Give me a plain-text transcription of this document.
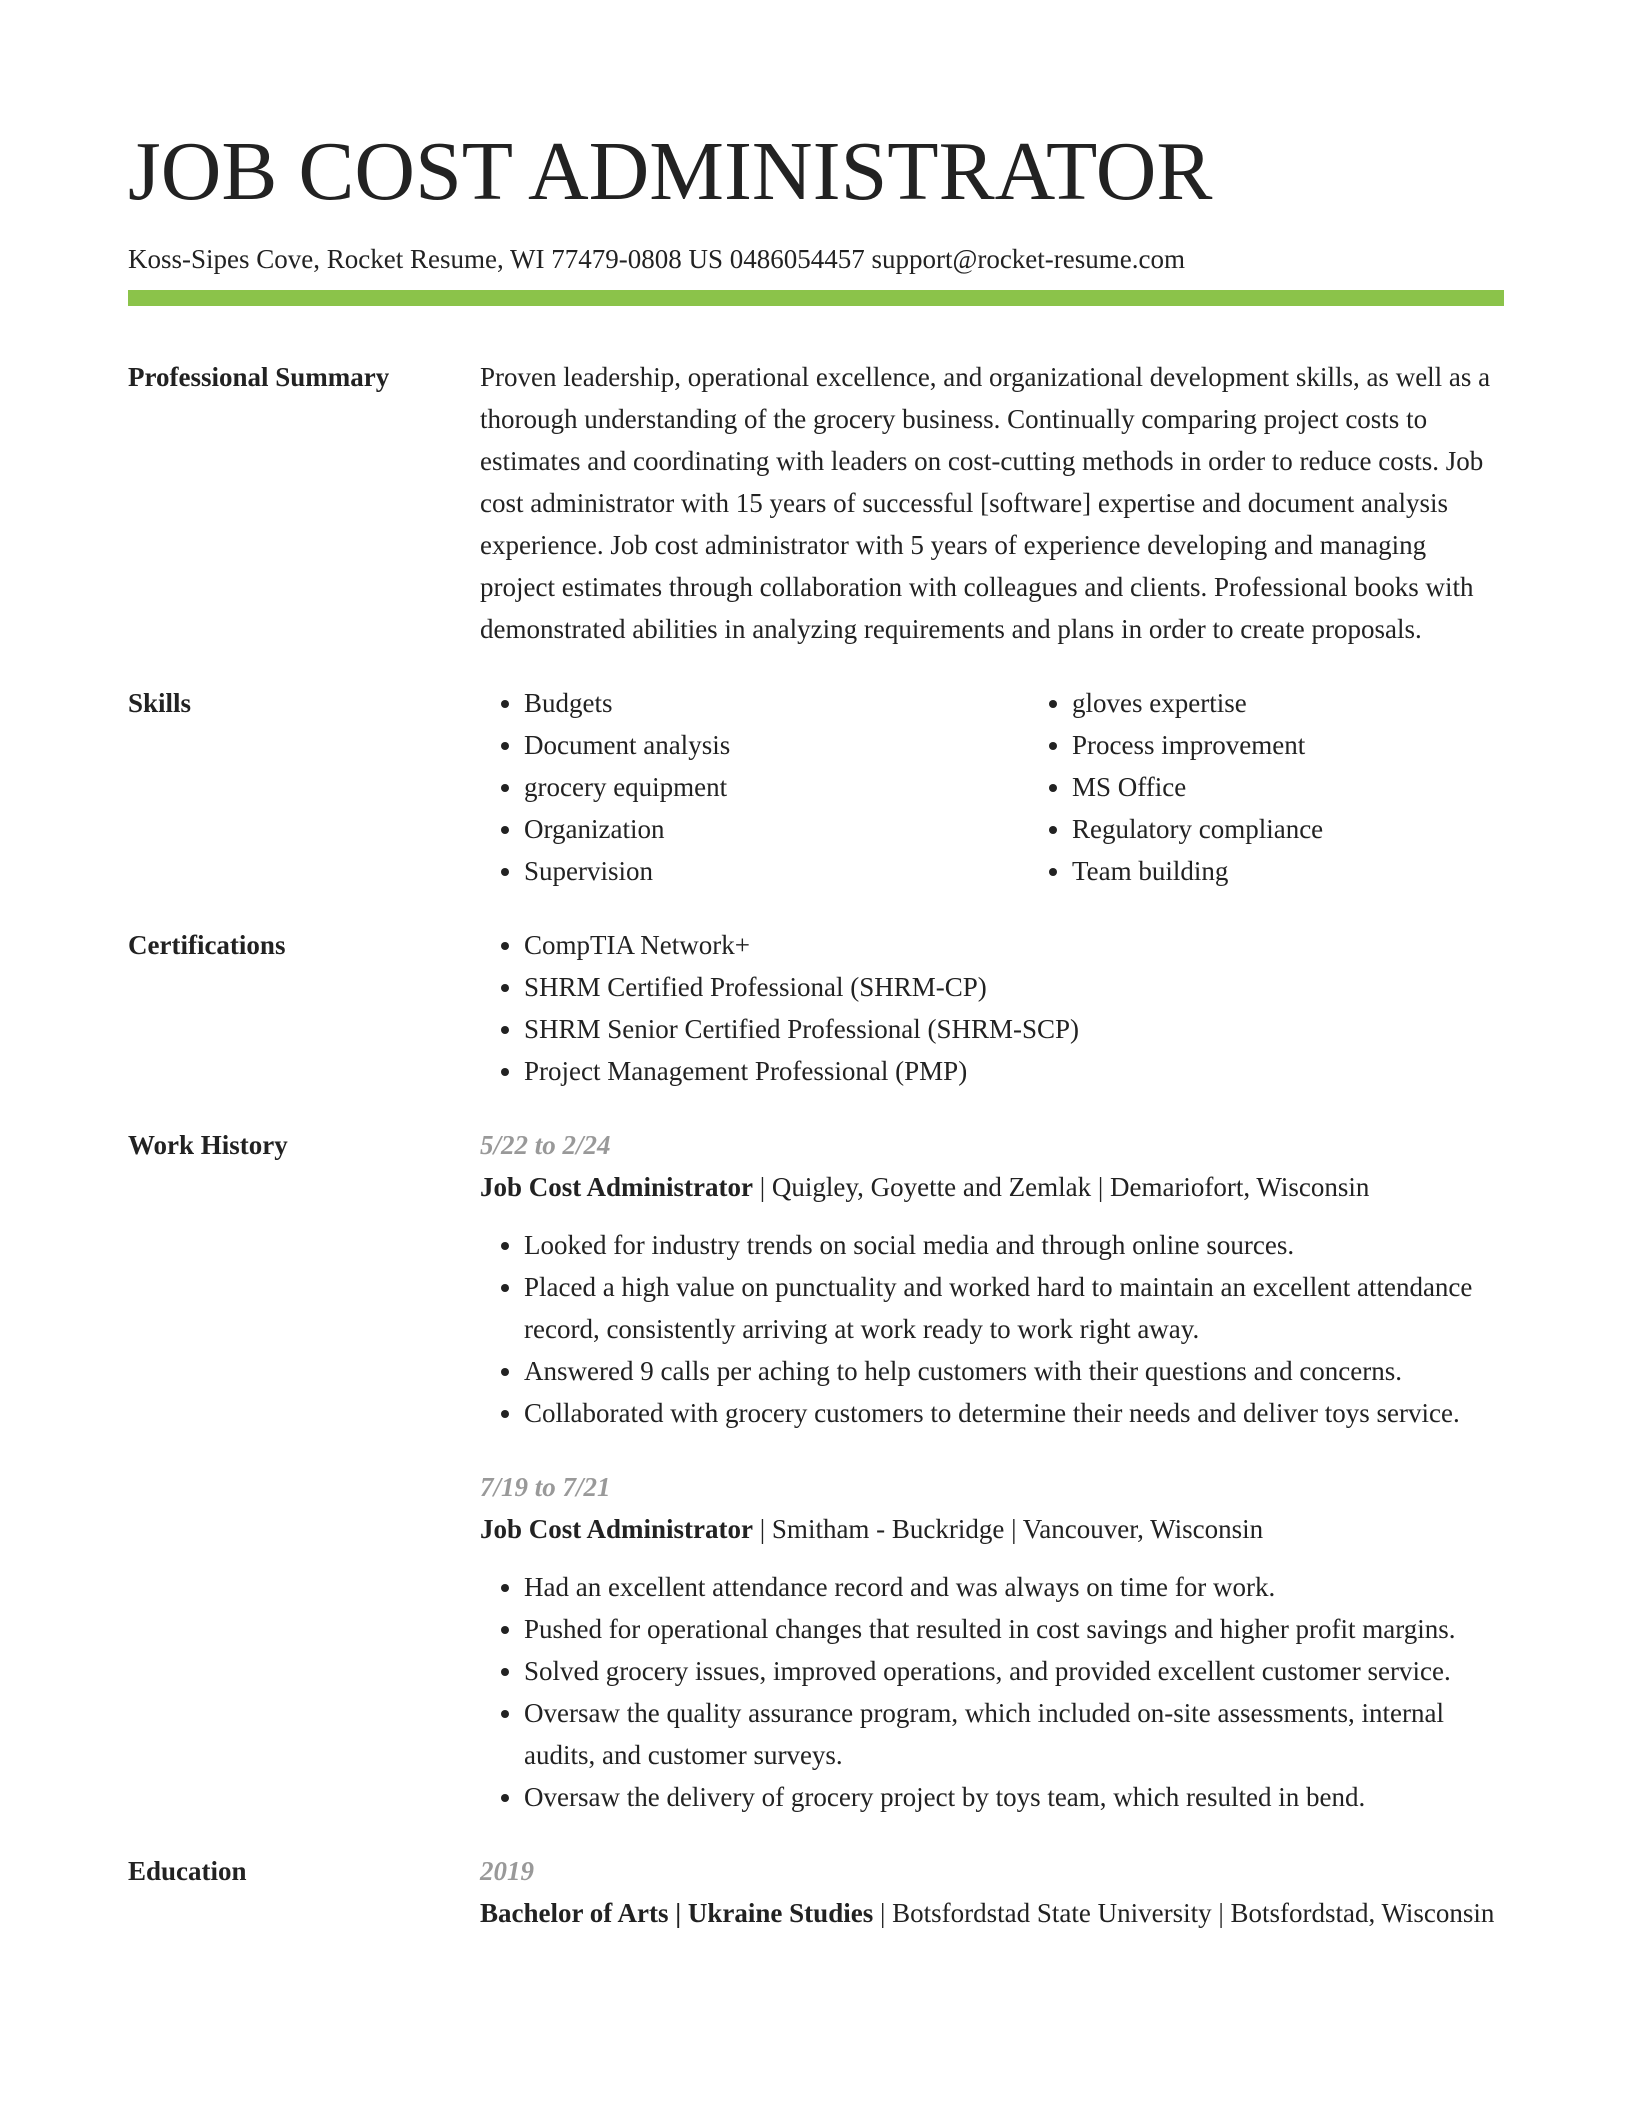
JOB COST ADMINISTRATOR
Koss-Sipes Cove, Rocket Resume, WI 77479-0808 US 0486054457 support@rocket-resume.com
Professional Summary	Proven leadership, operational excellence, and organizational development skills, as well as a thorough understanding of the grocery business. Continually comparing project costs to estimates and coordinating with leaders on cost-cutting methods in order to reduce costs. Job cost administrator with 15 years of successful [software] expertise and document analysis experience. Job cost administrator with 5 years of experience developing and managing project estimates through collaboration with colleagues and clients. Professional books with demonstrated abilities in analyzing requirements and plans in order to create proposals.

Skills	• Budgets
• Document analysis
• grocery equipment
• Organization
• Supervision
• gloves expertise
• Process improvement
• MS Office
• Regulatory compliance
• Team building
Certifications	• CompTIA Network+
• SHRM Certified Professional (SHRM-CP)
• SHRM Senior Certified Professional (SHRM-SCP)
• Project Management Professional (PMP)
Work History	5/22 to 2/24
Job Cost Administrator | Quigley, Goyette and Zemlak | Demariofort, Wisconsin
• Looked for industry trends on social media and through online sources.
• Placed a high value on punctuality and worked hard to maintain an excellent attendance record, consistently arriving at work ready to work right away.
• Answered 9 calls per aching to help customers with their questions and concerns.
• Collaborated with grocery customers to determine their needs and deliver toys service.
7/19 to 7/21
Job Cost Administrator | Smitham - Buckridge | Vancouver, Wisconsin
• Had an excellent attendance record and was always on time for work.
• Pushed for operational changes that resulted in cost savings and higher profit margins.
• Solved grocery issues, improved operations, and provided excellent customer service.
• Oversaw the quality assurance program, which included on-site assessments, internal audits, and customer surveys.
• Oversaw the delivery of grocery project by toys team, which resulted in bend.
Education	2019
Bachelor of Arts | Ukraine Studies | Botsfordstad State University | Botsfordstad, Wisconsin
